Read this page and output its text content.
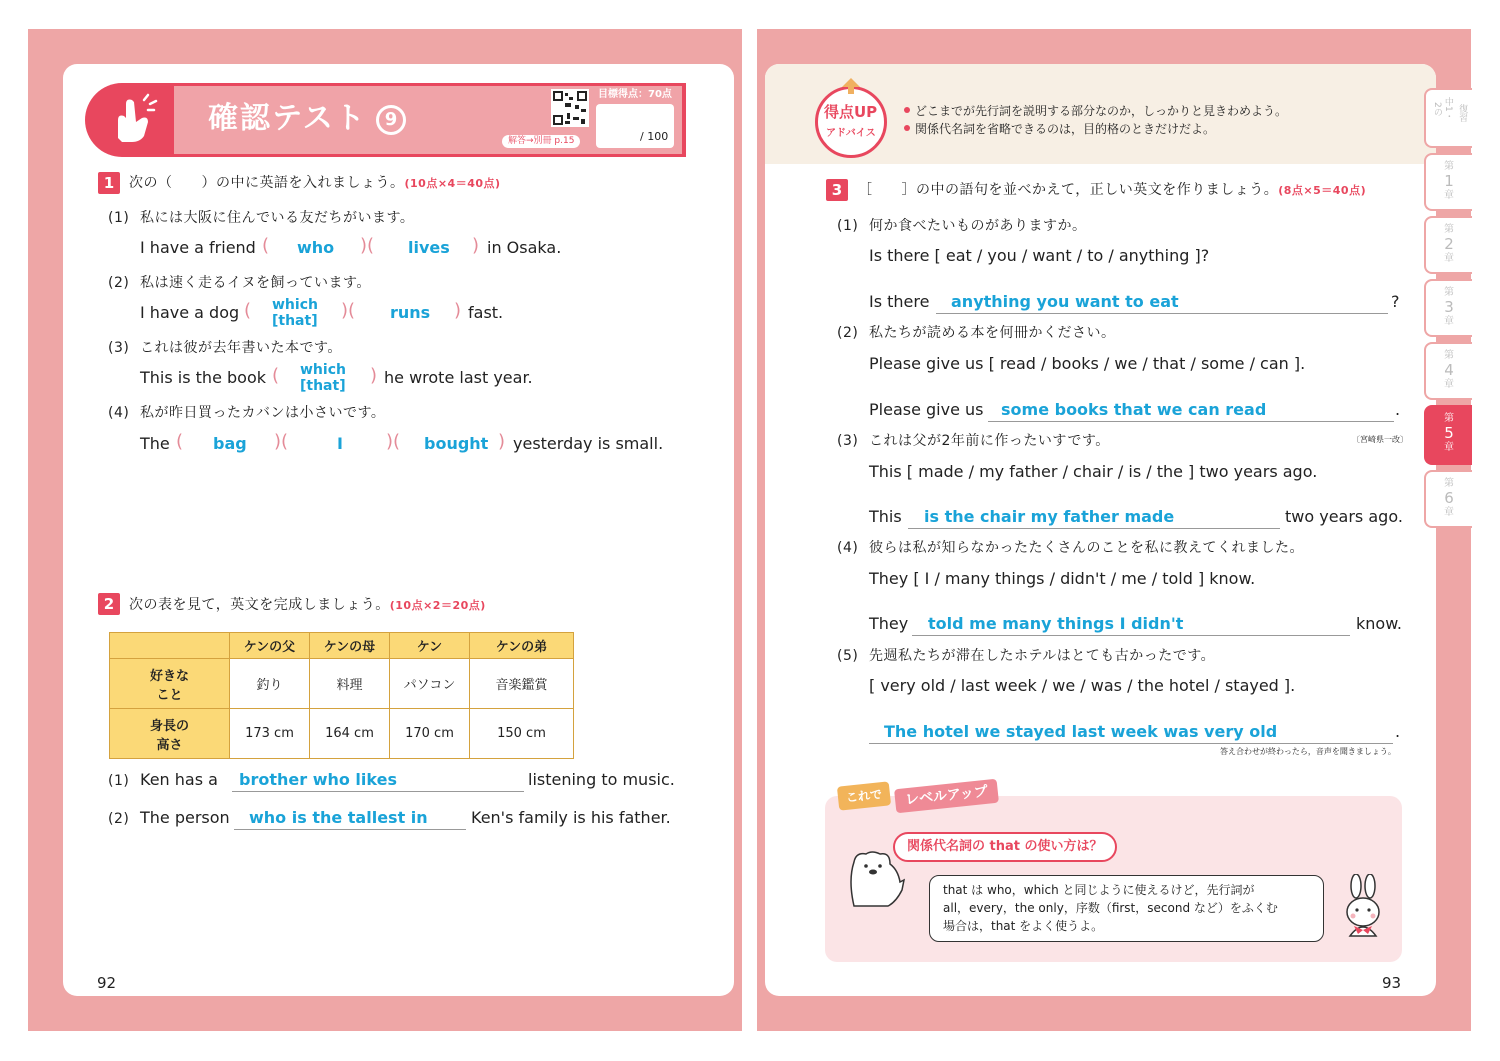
確認テスト 9
目標得点：70点
/ 100
解答→別冊 p.15
1	次の（　　）の中に英語を入れましょう。(10点×4＝40点)
(1) 私には大阪に住んでいる友だちがいます。
I have a friend ( who )( lives ) in Osaka.
(2) 私は速く走るイヌを飼っています。
I have a dog ( which
[that] )( runs ) fast.
(3) これは彼が去年書いた本です。
This is the book ( which
[that] ) he wrote last year.
(4) 私が昨日買ったカバンは小さいです。
The ( bag )(	I )( bought ) yesterday is small.
2	次の表を見て，英文を完成しましょう。(10点×2＝20点)
	ケンの父	ケンの母	ケン	ケンの弟
好きな
こと	釣り	料理	パソコン	音楽鑑賞
身長の
高さ	173 cm	164 cm	170 cm	150 cm
(1) Ken has a brother who likes	listening to music.
(2) The person who is the tallest in	Ken's family is his father.
92
得点UP
アドバイス
どこまでが先行詞を説明する部分なのか，しっかりと見きわめよう。
関係代名詞を省略できるのは，目的格のときだけだよ。
3	［　　］の中の語句を並べかえて，正しい英文を作りましょう。(8点×5＝40点)
(1) 何か食べたいものがありますか。
Is there [ eat / you / want / to / anything ]?
Is there anything you want to eat	?
(2) 私たちが読める本を何冊かください。
Please give us [ read / books / we / that / some / can ].
Please give us some books that we can read	.
(3) これは父が2年前に作ったいすです。	〔宮崎県一改〕
This [ made / my father / chair / is / the ] two years ago.
This is the chair my father made	two years ago.
(4) 彼らは私が知らなかったたくさんのことを私に教えてくれました。
They [ I / many things / didn't / me / told ] know.
They told me many things I didn't	know.
(5) 先週私たちが滞在したホテルはとても古かったです。
[ very old / last week / we / was / the hotel / stayed ].
The hotel we stayed last week was very old	.
答え合わせが終わったら，音声を聞きましょう。
これで	レベルアップ
関係代名詞の that の使い方は？
that は who，which と同じように使えるけど，先行詞が
all，every，the only，序数（first，second など）をふくむ
場合は，that をよく使うよ。
93
中1・2の 復習
第
1
章
第
2
章
第
3
章
第
4
章
第
5
章
第
6
章
